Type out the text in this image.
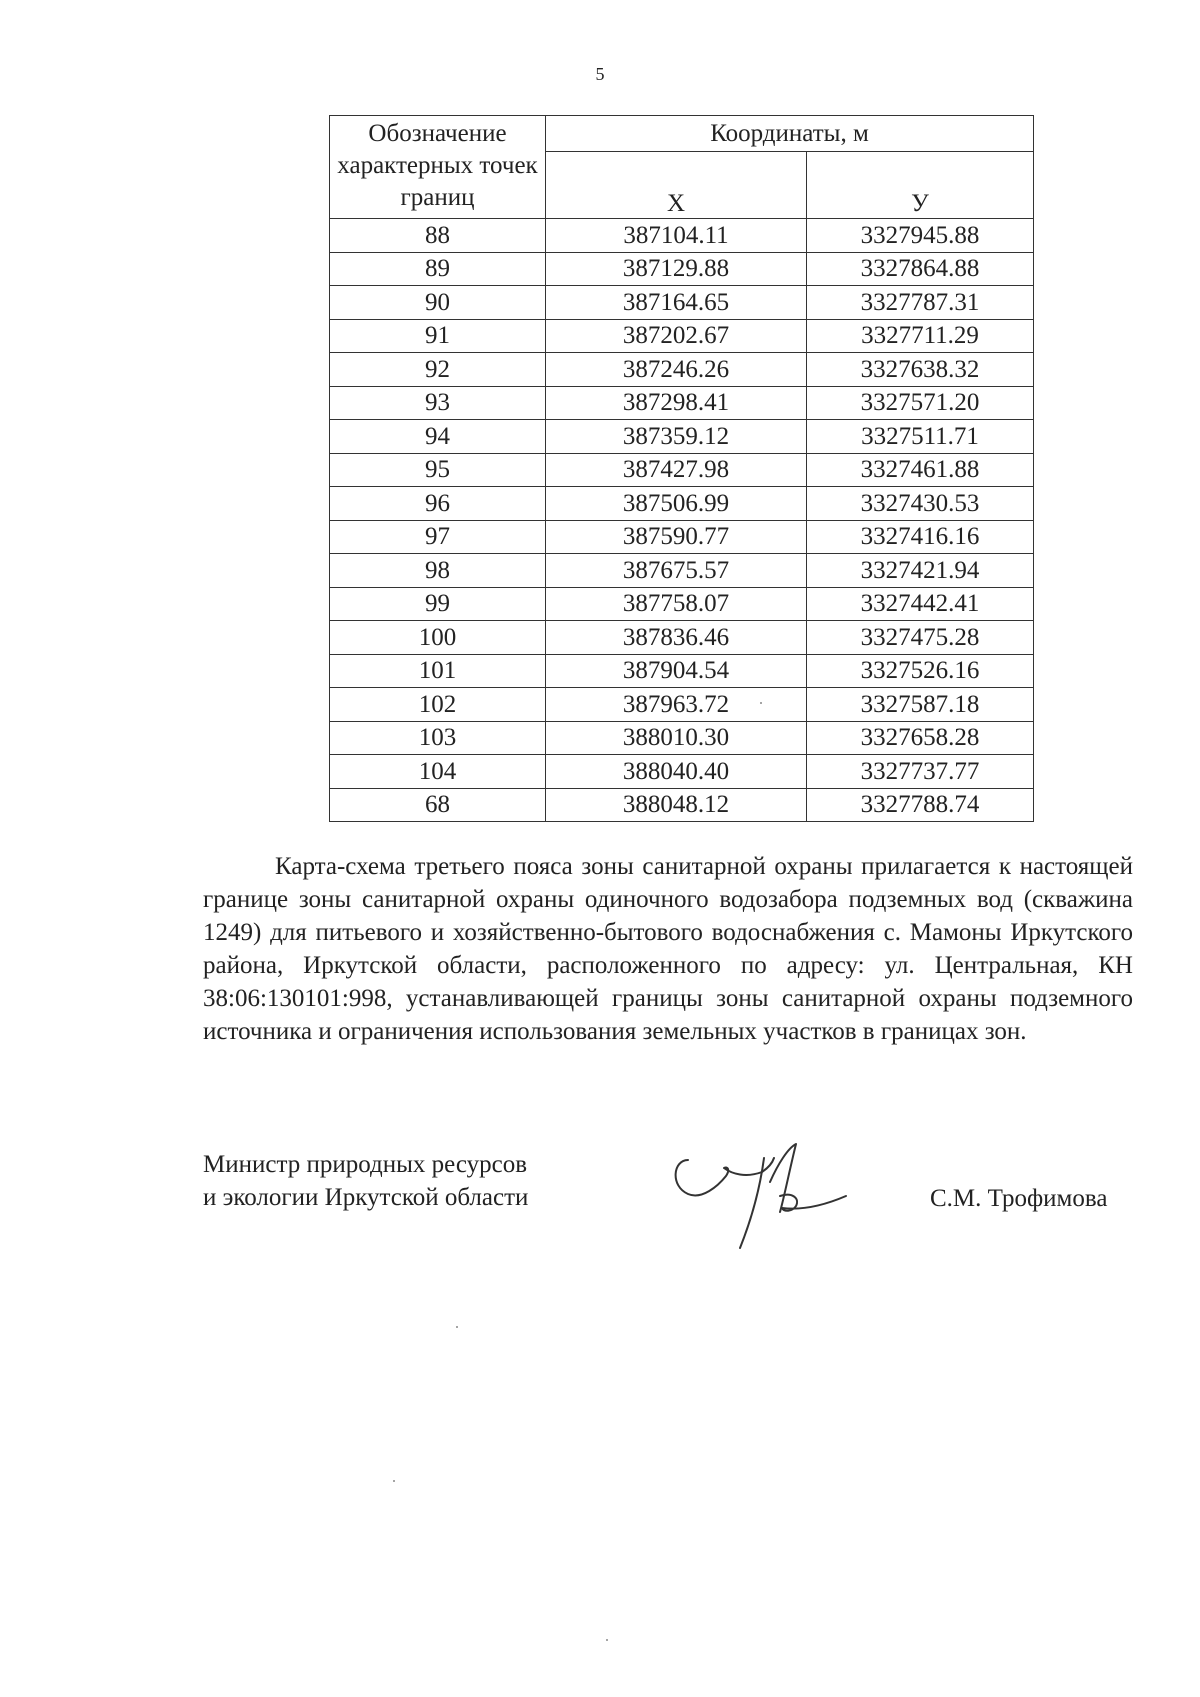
5
Обозначение характерных точек границ	Координаты, м	
	X	У
88	387104.11	3327945.88
89	387129.88	3327864.88
90	387164.65	3327787.31
91	387202.67	3327711.29
92	387246.26	3327638.32
93	387298.41	3327571.20
94	387359.12	3327511.71
95	387427.98	3327461.88
96	387506.99	3327430.53
97	387590.77	3327416.16
98	387675.57	3327421.94
99	387758.07	3327442.41
100	387836.46	3327475.28
101	387904.54	3327526.16
102	387963.72	3327587.18
103	388010.30	3327658.28
104	388040.40	3327737.77
68	388048.12	3327788.74

Карта-схема третьего пояса зоны санитарной охраны прилагается к настоящей границе зоны санитарной охраны одиночного водозабора подземных вод (скважина 1249) для питьевого и хозяйственно-бытового водоснабжения с. Мамоны Иркутского района, Иркутской области, расположенного по адресу: ул. Центральная, КН 38:06:130101:998, устанавливающей границы зоны санитарной охраны подземного источника и ограничения использования земельных участков в границах зон.

Министр природных ресурсов
и экологии Иркутской области	С.М. Трофимова
